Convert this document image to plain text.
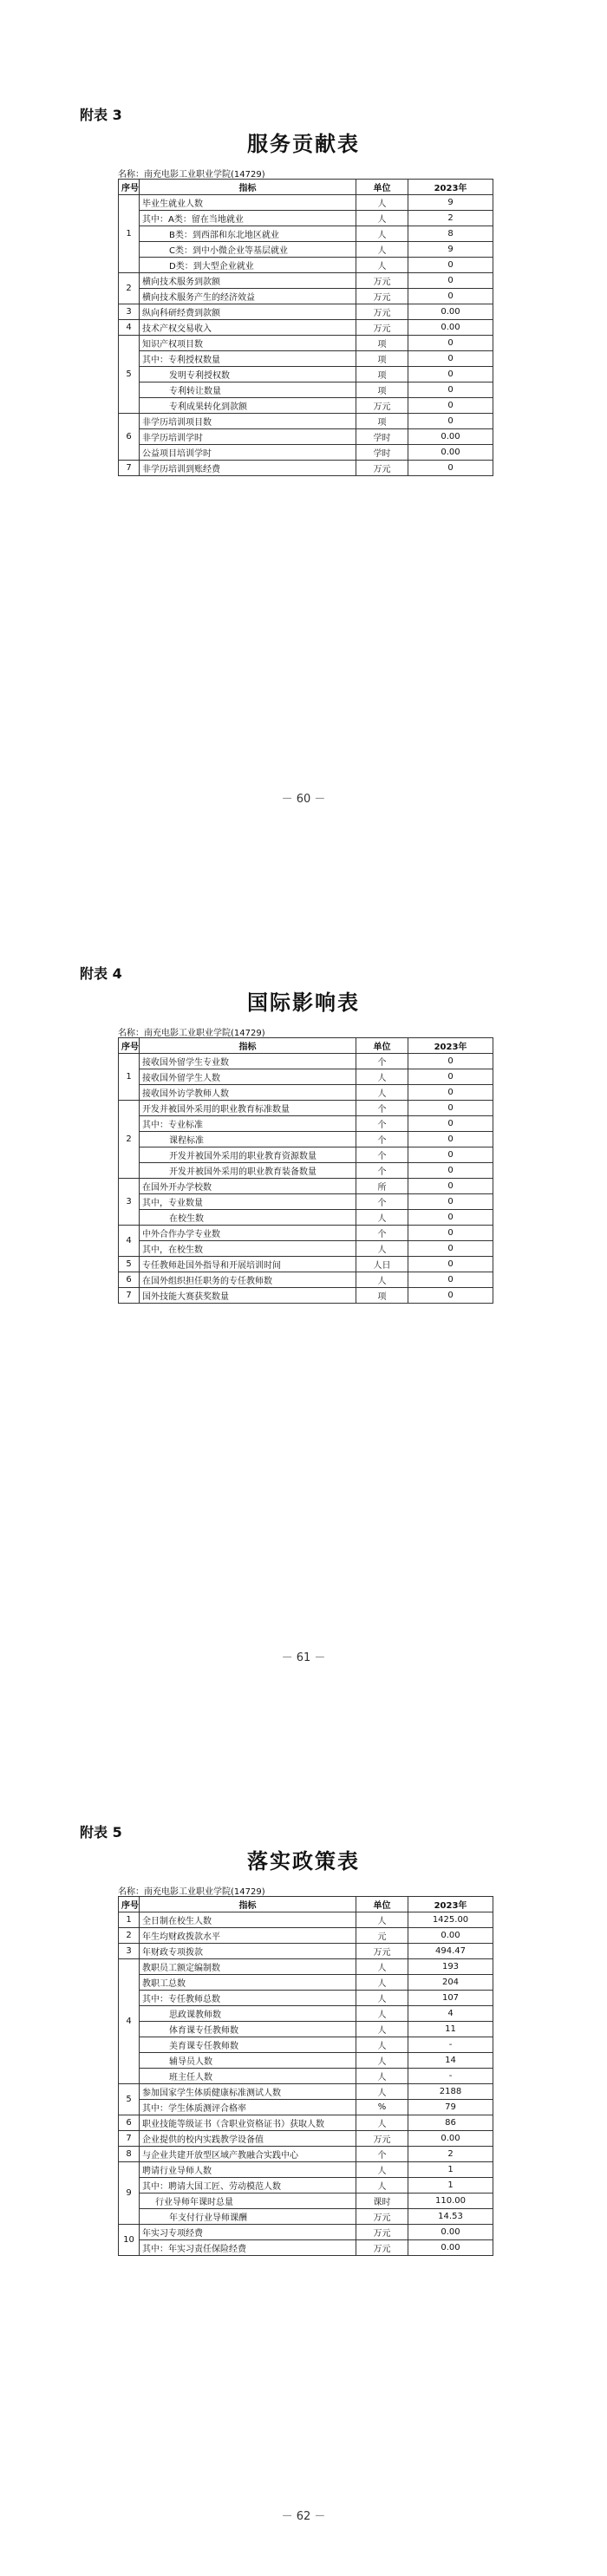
附表 3
服务贡献表
名称：南充电影工业职业学院(14729)
序号	指标	单位	2023年
1	毕业生就业人数	人	9
	其中：A类：留在当地就业	人	2
	B类：到西部和东北地区就业	人	8
	C类：到中小微企业等基层就业	人	9
	D类：到大型企业就业	人	0
2	横向技术服务到款额	万元	0
	横向技术服务产生的经济效益	万元	0
3	纵向科研经费到款额	万元	0.00
4	技术产权交易收入	万元	0.00
5	知识产权项目数	项	0
	其中：专利授权数量	项	0
	发明专利授权数	项	0
	专利转让数量	项	0
	专利成果转化到款额	万元	0
6	非学历培训项目数	项	0
	非学历培训学时	学时	0.00
	公益项目培训学时	学时	0.00
7	非学历培训到账经费	万元	0
－ 60 －
附表 4
国际影响表
名称：南充电影工业职业学院(14729)
序号	指标	单位	2023年
1	接收国外留学生专业数	个	0
	接收国外留学生人数	人	0
	接收国外访学教师人数	人	0
2	开发并被国外采用的职业教育标准数量	个	0
	其中：专业标准	个	0
	课程标准	个	0
	开发并被国外采用的职业教育资源数量	个	0
	开发并被国外采用的职业教育装备数量	个	0
3	在国外开办学校数	所	0
	其中，专业数量	个	0
	在校生数	人	0
4	中外合作办学专业数	个	0
	其中，在校生数	人	0
5	专任教师赴国外指导和开展培训时间	人日	0
6	在国外组织担任职务的专任教师数	人	0
7	国外技能大赛获奖数量	项	0
－ 61 －
附表 5
落实政策表
名称：南充电影工业职业学院(14729)
序号	指标	单位	2023年
1	全日制在校生人数	人	1425.00
2	年生均财政拨款水平	元	0.00
3	年财政专项拨款	万元	494.47
4	教职员工额定编制数	人	193
	教职工总数	人	204
	其中：专任教师总数	人	107
	思政课教师数	人	4
	体育课专任教师数	人	11
	美育课专任教师数	人	-
	辅导员人数	人	14
	班主任人数	人	-
5	参加国家学生体质健康标准测试人数	人	2188
	其中：学生体质测评合格率	%	79
6	职业技能等级证书（含职业资格证书）获取人数	人	86
7	企业提供的校内实践教学设备值	万元	0.00
8	与企业共建开放型区域产教融合实践中心	个	2
9	聘请行业导师人数	人	1
	其中：聘请大国工匠、劳动模范人数	人	1
	行业导师年课时总量	课时	110.00
	年支付行业导师课酬	万元	14.53
10	年实习专项经费	万元	0.00
	其中：年实习责任保险经费	万元	0.00
－ 62 －
